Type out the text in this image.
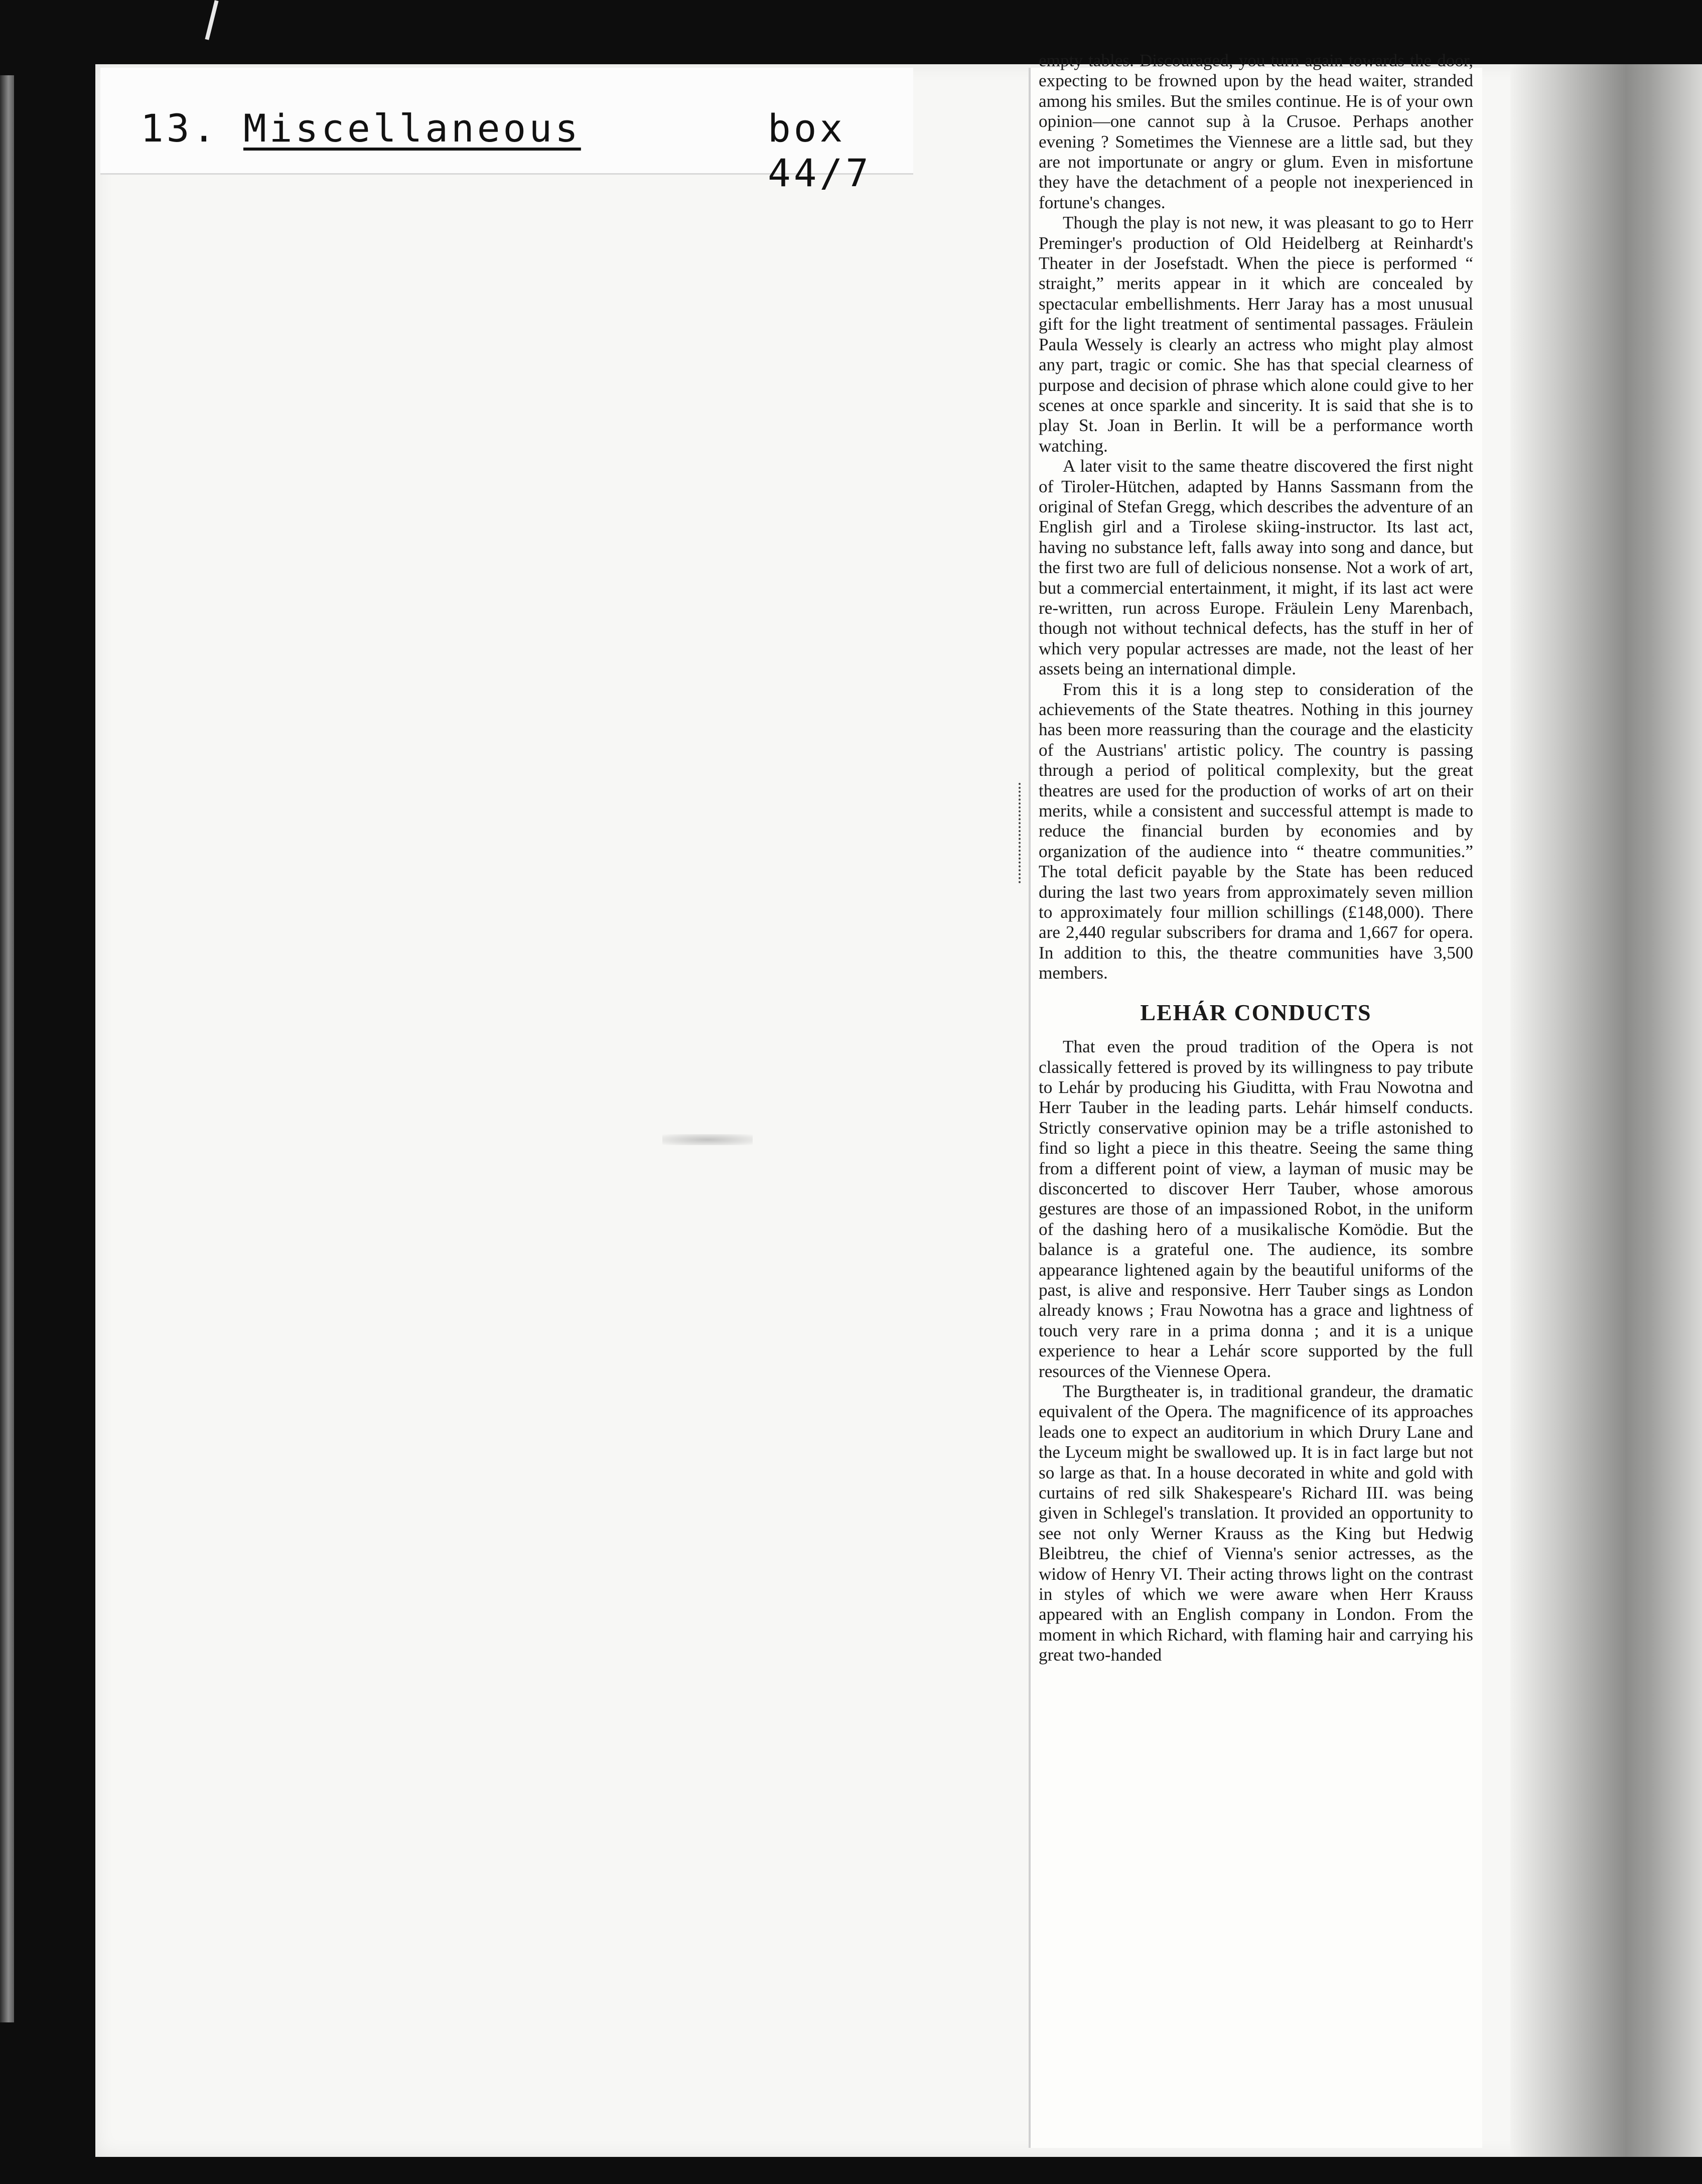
13. Miscellaneous	box 44/7

empty tables. Discouraged, you turn again towards the door, expecting to be frowned upon by the head waiter, stranded among his smiles. But the smiles continue. He is of your own opinion—one cannot sup à la Crusoe. Perhaps another evening ? Sometimes the Viennese are a little sad, but they are not importunate or angry or glum. Even in misfortune they have the detachment of a people not inexperienced in fortune's changes.

Though the play is not new, it was pleasant to go to Herr Preminger's production of Old Heidelberg at Reinhardt's Theater in der Josefstadt. When the piece is performed “ straight,” merits appear in it which are concealed by spectacular embellishments. Herr Jaray has a most unusual gift for the light treatment of sentimental passages. Fräulein Paula Wessely is clearly an actress who might play almost any part, tragic or comic. She has that special clearness of purpose and decision of phrase which alone could give to her scenes at once sparkle and sincerity. It is said that she is to play St. Joan in Berlin. It will be a performance worth watching.

A later visit to the same theatre discovered the first night of Tiroler-Hütchen, adapted by Hanns Sassmann from the original of Stefan Gregg, which describes the adventure of an English girl and a Tirolese skiing-instructor. Its last act, having no substance left, falls away into song and dance, but the first two are full of delicious nonsense. Not a work of art, but a commercial entertainment, it might, if its last act were re-written, run across Europe. Fräulein Leny Marenbach, though not without technical defects, has the stuff in her of which very popular actresses are made, not the least of her assets being an international dimple.

From this it is a long step to consideration of the achievements of the State theatres. Nothing in this journey has been more reassuring than the courage and the elasticity of the Austrians' artistic policy. The country is passing through a period of political complexity, but the great theatres are used for the production of works of art on their merits, while a consistent and successful attempt is made to reduce the financial burden by economies and by organization of the audience into “ theatre communities.” The total deficit payable by the State has been reduced during the last two years from approximately seven million to approximately four million schillings (£148,000). There are 2,440 regular subscribers for drama and 1,667 for opera. In addition to this, the theatre communities have 3,500 members.

LEHÁR CONDUCTS

That even the proud tradition of the Opera is not classically fettered is proved by its willingness to pay tribute to Lehár by producing his Giuditta, with Frau Nowotna and Herr Tauber in the leading parts. Lehár himself conducts. Strictly conservative opinion may be a trifle astonished to find so light a piece in this theatre. Seeing the same thing from a different point of view, a layman of music may be disconcerted to discover Herr Tauber, whose amorous gestures are those of an impassioned Robot, in the uniform of the dashing hero of a musikalische Komödie. But the balance is a grateful one. The audience, its sombre appearance lightened again by the beautiful uniforms of the past, is alive and responsive. Herr Tauber sings as London already knows ; Frau Nowotna has a grace and lightness of touch very rare in a prima donna ; and it is a unique experience to hear a Lehár score supported by the full resources of the Viennese Opera.

The Burgtheater is, in traditional grandeur, the dramatic equivalent of the Opera. The magnificence of its approaches leads one to expect an auditorium in which Drury Lane and the Lyceum might be swallowed up. It is in fact large but not so large as that. In a house decorated in white and gold with curtains of red silk Shakespeare's Richard III. was being given in Schlegel's translation. It provided an opportunity to see not only Werner Krauss as the King but Hedwig Bleibtreu, the chief of Vienna's senior actresses, as the widow of Henry VI. Their acting throws light on the contrast in styles of which we were aware when Herr Krauss appeared with an English company in London. From the moment in which Richard, with flaming hair and carrying his great two-handed
